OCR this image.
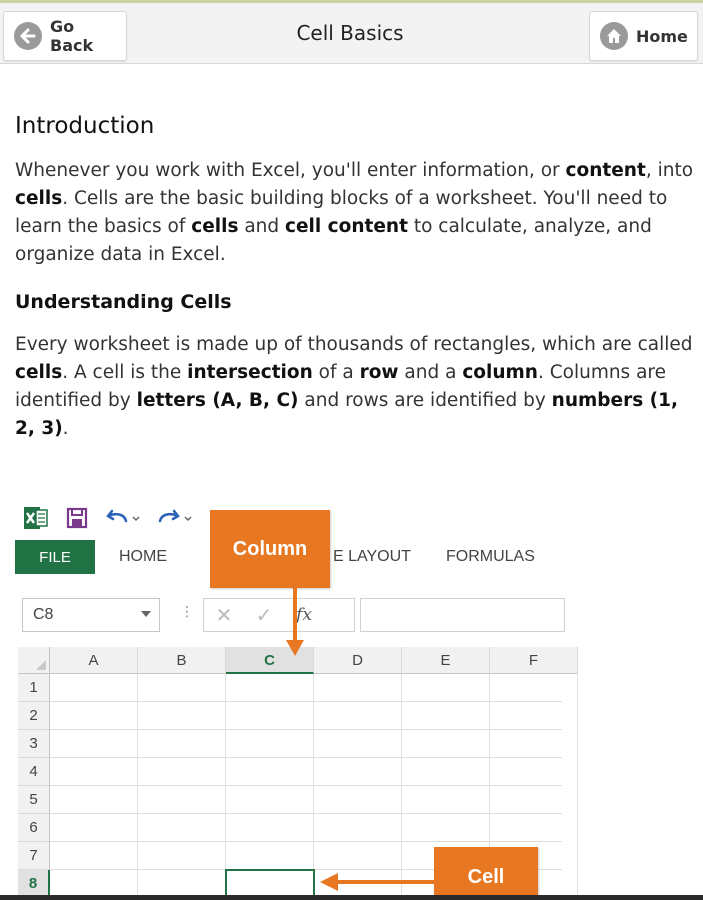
Go Back
Cell Basics	Home
Introduction

Whenever you work with Excel, you'll enter information, or content, into cells. Cells are the basic building blocks of a worksheet. You'll need to learn the basics of cells and cell content to calculate, analyze, and organize data in Excel.

Understanding Cells

Every worksheet is made up of thousands of rectangles, which are called cells. A cell is the intersection of a row and a column. Columns are identified by letters (A, B, C) and rows are identified by numbers (1, 2, 3).

FILE	HOME	E LAYOUT FORMULAS
C8	⋮	✕	✓	fx
A	B	C	D	E	F
1
2
3
4
5
6
7
8
Column
Cell
